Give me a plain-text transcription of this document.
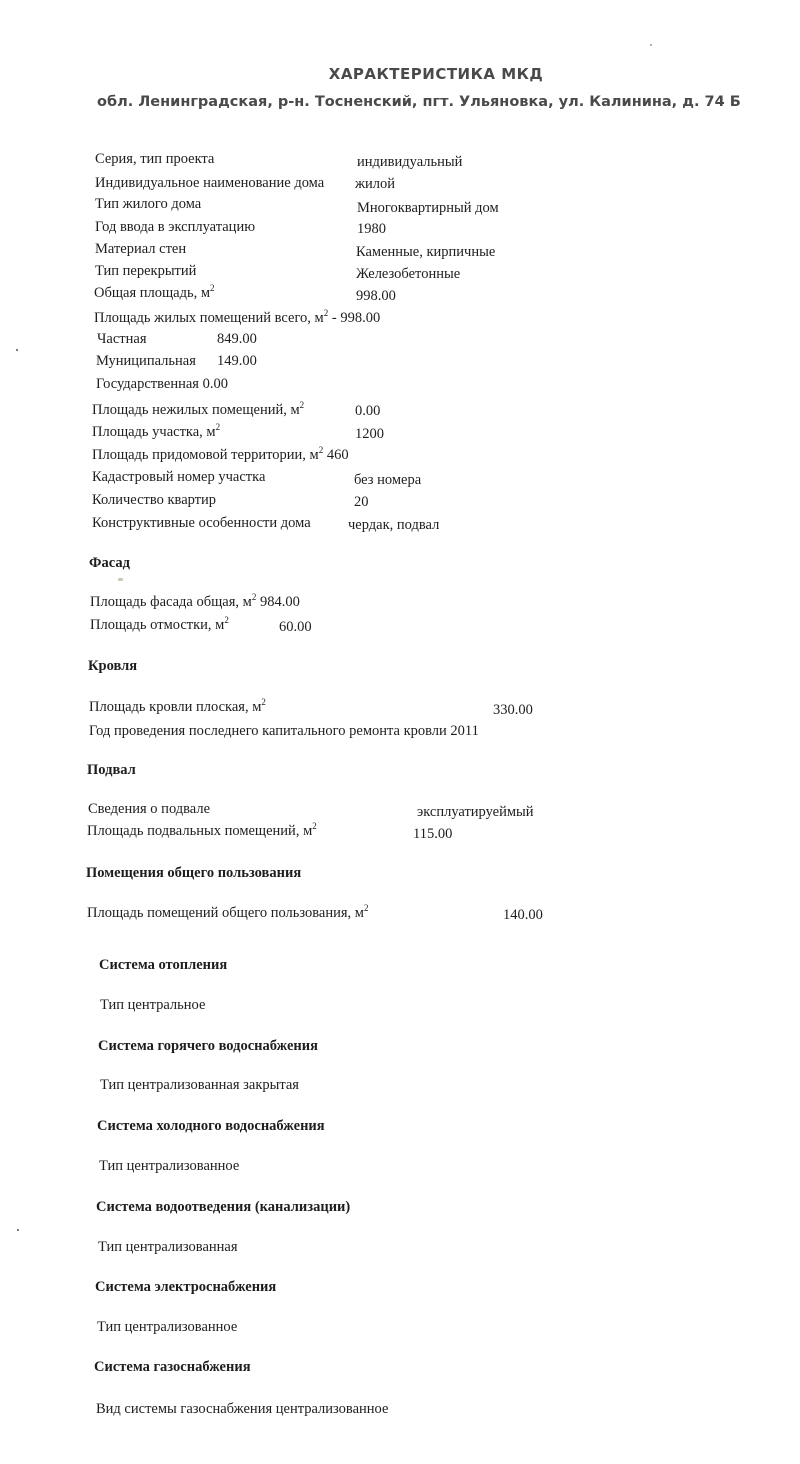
ХАРАКТЕРИСТИКА МКД
обл. Ленинградская, р-н. Тосненский, пгт. Ульяновка, ул. Калинина, д. 74 Б
Серия, тип проекта	индивидуальный
Индивидуальное наименование дома жилой
Тип жилого дома	Многоквартирный дом
Год ввода в эксплуатацию	1980
Материал стен	Каменные, кирпичные
Тип перекрытий	Железобетонные
Общая площадь, $м^2$	998.00
Площадь жилых помещений всего, $м^2 - 998.00$
Частная	849.00
Муниципальная 149.00
Государственная 0.00
Площадь нежилых помещений, $м^2$	0.00
Площадь участка, $м^2$	1200
Площадь придомовой территории, $м^2$ 460
Кадастровый номер участка	без номера
Количество квартир	20
Конструктивные особенности дома	чердак, подвал
Фасад
Площадь фасада общая, $м^2$ 984.00
Площадь отмостки, $м^2$	60.00
Кровля
Площадь кровли плоская, $м^2$	330.00
Год проведения последнего капитального ремонта кровли 2011
Подвал
Сведения о подвале	эксплуатируеймый
Площадь подвальных помещений, $м^2$	115.00
Помещения общего пользования
Площадь помещений общего пользования, $м^2$	140.00
Система отопления
Тип центральное
Система горячего водоснабжения
Тип централизованная закрытая
Система холодного водоснабжения
Тип централизованное
Система водоотведения (канализации)
Тип централизованная
Система электроснабжения
Тип централизованное
Система газоснабжения
Вид системы газоснабжения централизованное
